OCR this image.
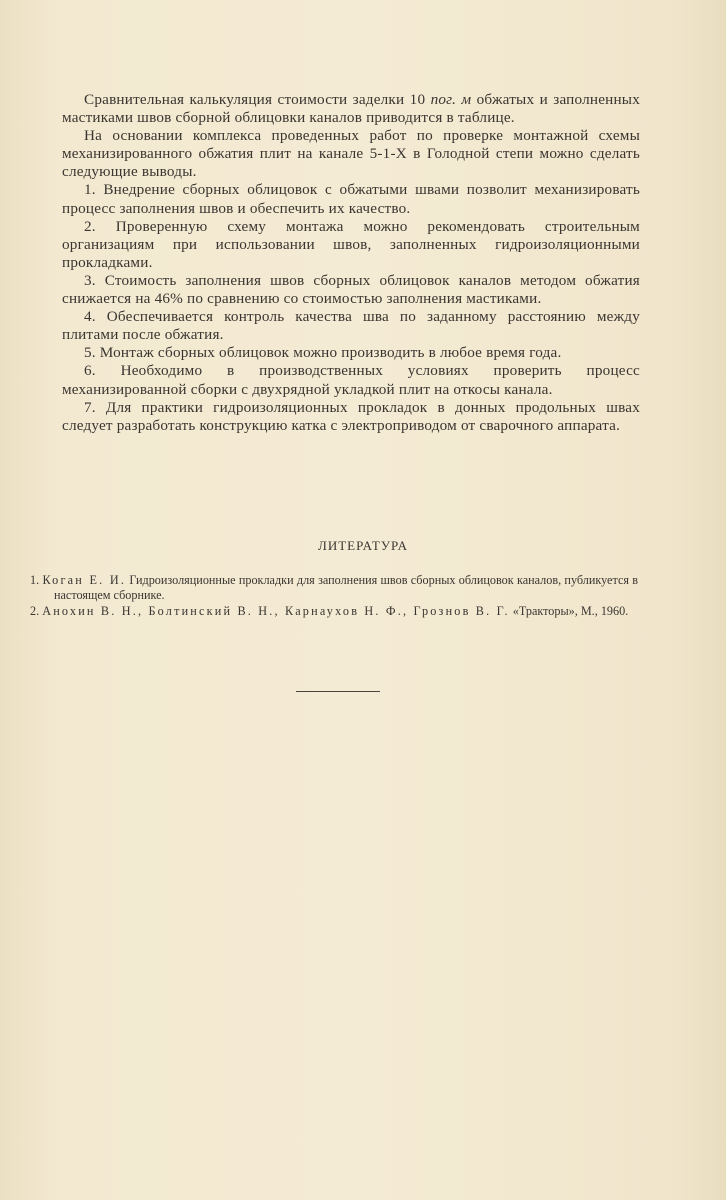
Сравнительная калькуляция стоимости заделки 10 пог. м обжатых и заполненных мастиками швов сборной облицовки каналов приводится в таблице.

На основании комплекса проведенных работ по проверке монтажной схемы механизированного обжатия плит на канале 5-1-Х в Голодной степи можно сделать следующие выводы.

1. Внедрение сборных облицовок с обжатыми швами позволит механизировать процесс заполнения швов и обеспечить их качество.

2. Проверенную схему монтажа можно рекомендовать строительным организациям при использовании швов, заполненных гидроизоляционными прокладками.

3. Стоимость заполнения швов сборных облицовок каналов методом обжатия снижается на 46% по сравнению со стоимостью заполнения мастиками.

4. Обеспечивается контроль качества шва по заданному расстоянию между плитами после обжатия.

5. Монтаж сборных облицовок можно производить в любое время года.

6. Необходимо в производственных условиях проверить процесс механизированной сборки с двухрядной укладкой плит на откосы канала.

7. Для практики гидроизоляционных прокладок в донных продольных швах следует разработать конструкцию катка с электроприводом от сварочного аппарата.

ЛИТЕРАТУРА

1. Коган Е. И. Гидроизоляционные прокладки для заполнения швов сборных облицовок каналов, публикуется в настоящем сборнике.

2. Анохин В. Н., Болтинский В. Н., Карнаухов Н. Ф., Грознов В. Г. «Тракторы», М., 1960.
